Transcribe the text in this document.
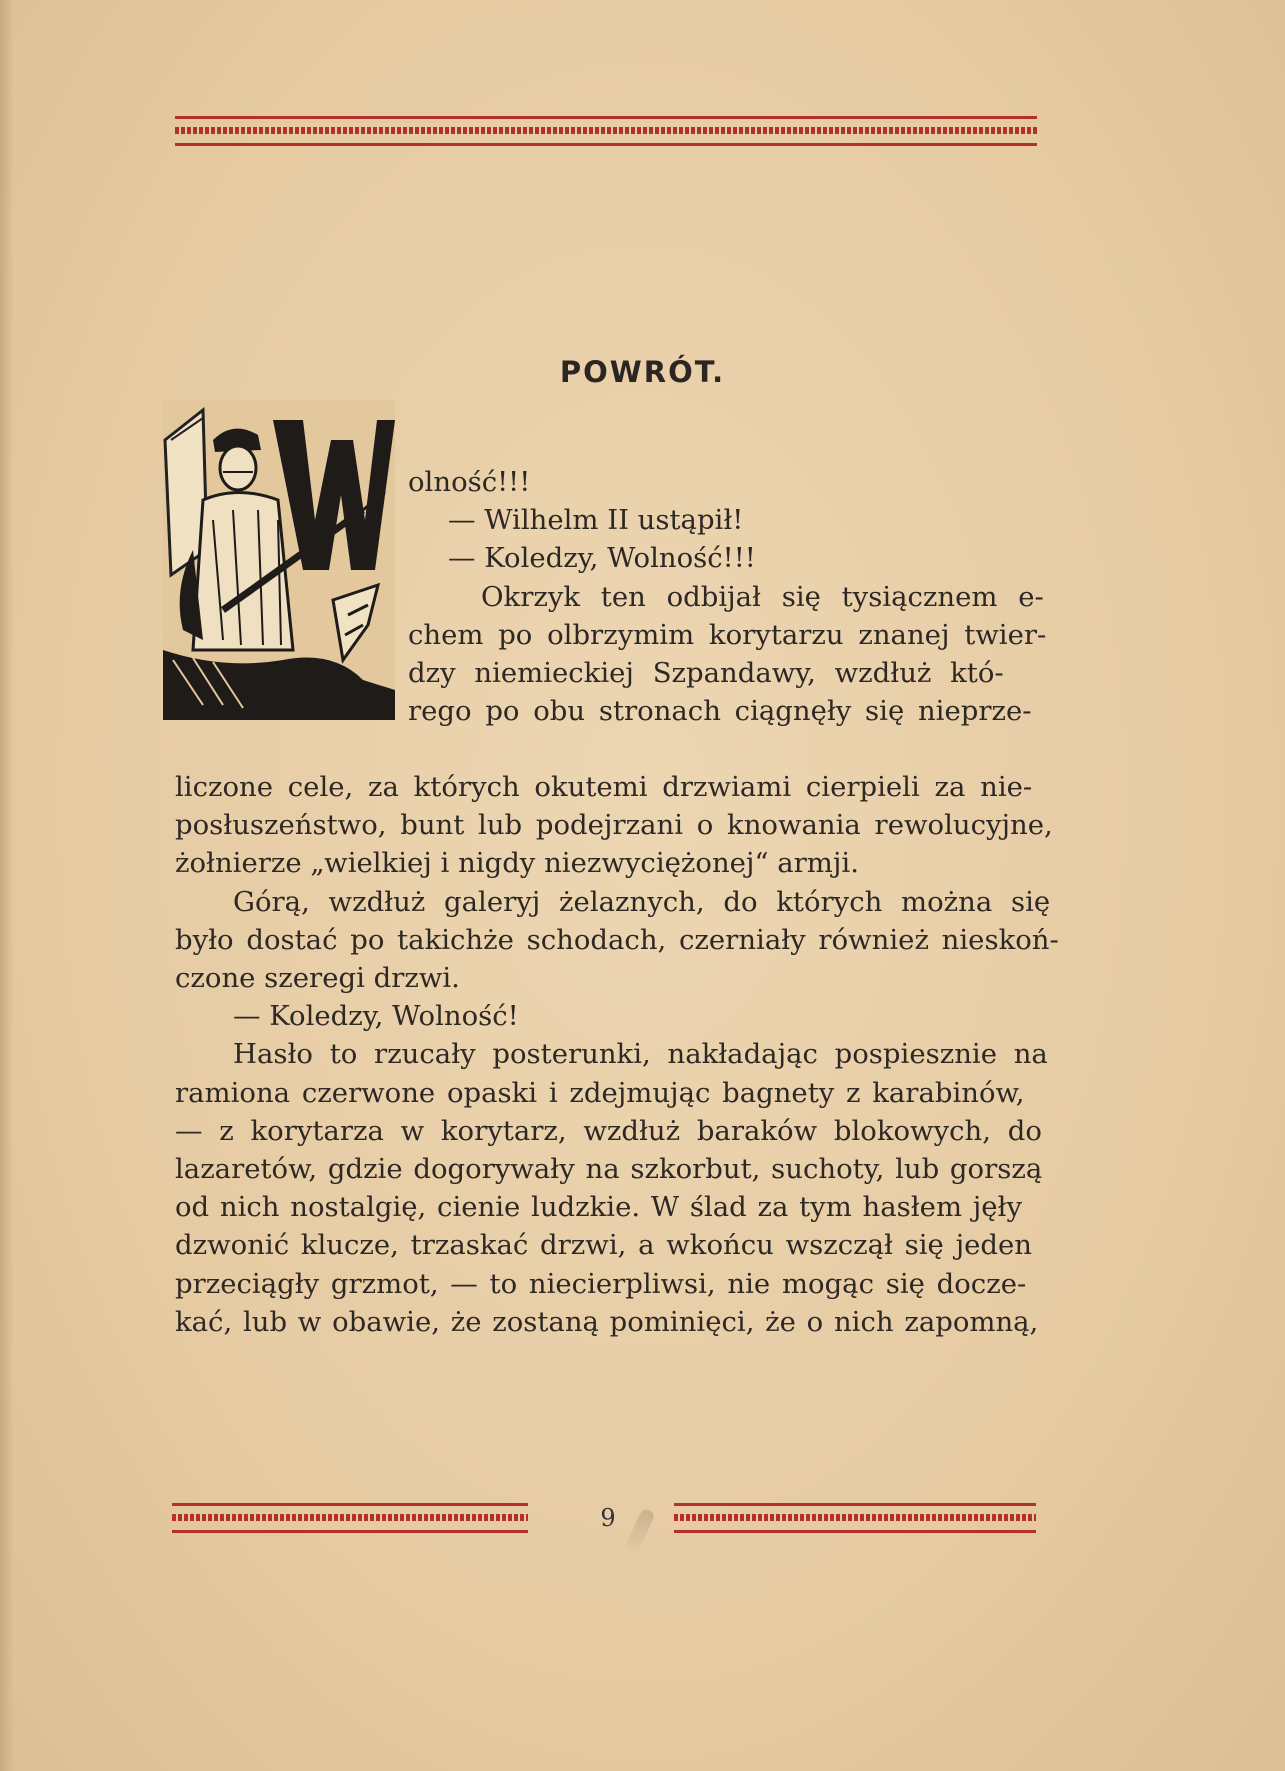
POWRÓT.
olność!!!
— Wilhelm II ustąpił!
— Koledzy, Wolność!!!
Okrzyk ten odbijał się tysiącznem e-
chem po olbrzymim korytarzu znanej twier-
dzy niemieckiej Szpandawy, wzdłuż któ-
rego po obu stronach ciągnęły się nieprze-
liczone cele, za których okutemi drzwiami cierpieli za nie-
posłuszeństwo, bunt lub podejrzani o knowania rewolucyjne,
żołnierze „wielkiej i nigdy niezwyciężonej“ armji.
Górą, wzdłuż galeryj żelaznych, do których można się
było dostać po takichże schodach, czerniały również nieskoń-
czone szeregi drzwi.
— Koledzy, Wolność!
Hasło to rzucały posterunki, nakładając pospiesznie na
ramiona czerwone opaski i zdejmując bagnety z karabinów,
— z korytarza w korytarz, wzdłuż baraków blokowych, do
lazaretów, gdzie dogorywały na szkorbut, suchoty, lub gorszą
od nich nostalgię, cienie ludzkie. W ślad za tym hasłem jęły
dzwonić klucze, trzaskać drzwi, a wkońcu wszczął się jeden
przeciągły grzmot, — to niecierpliwsi, nie mogąc się docze-
kać, lub w obawie, że zostaną pominięci, że o nich zapomną,
9
